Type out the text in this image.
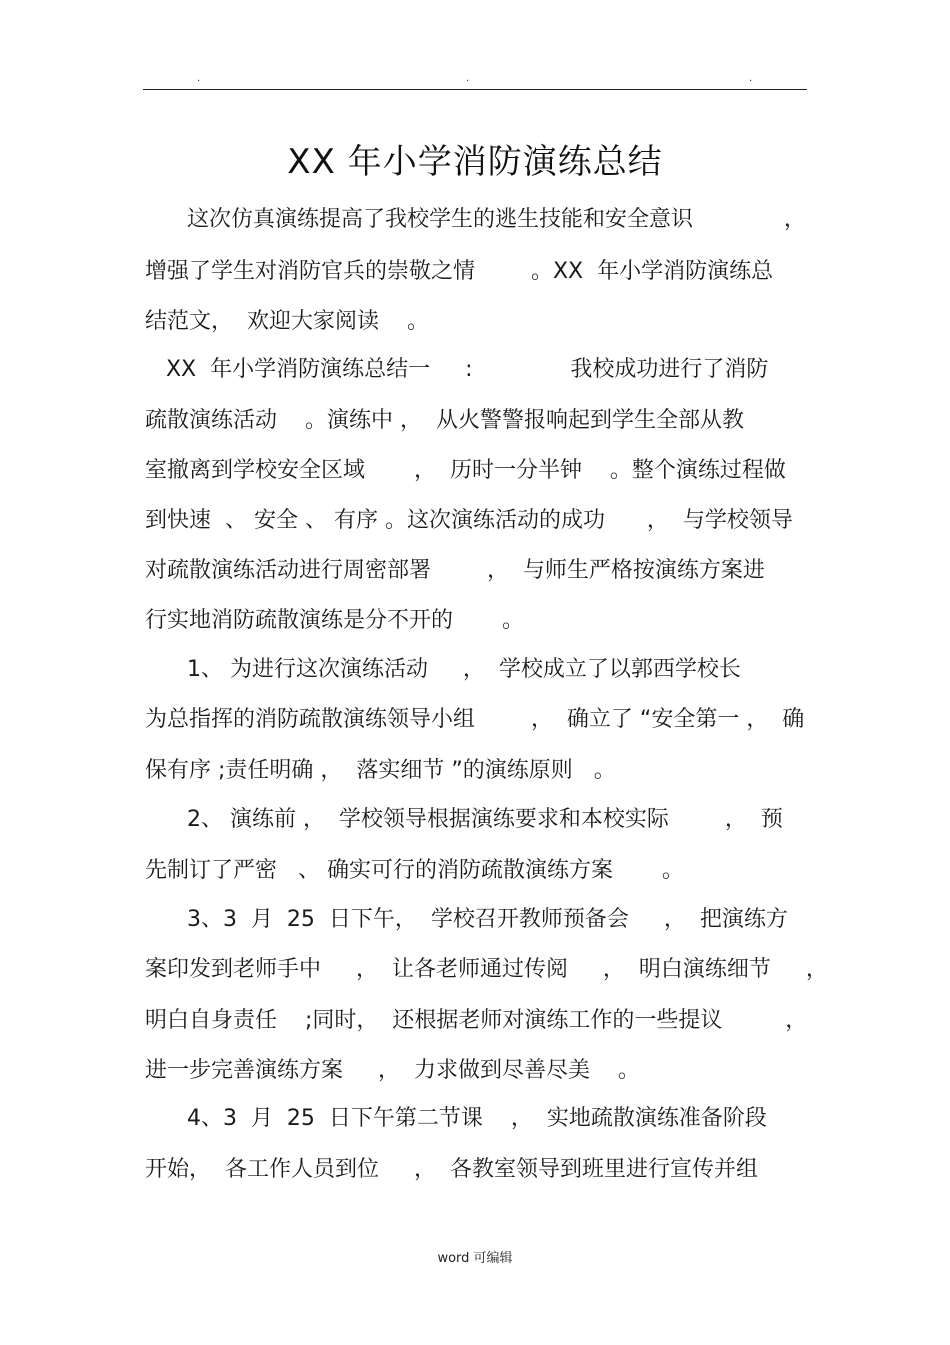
.	.	.
XX 年小学消防演练总结
这次仿真演练提高了我校学生的逃生技能和安全意识             ，
增强了学生对消防官兵的崇敬之情        。XX  年小学消防演练总
结范文，  欢迎大家阅读    。
XX  年小学消防演练总结一     :              我校成功进行了消防
疏散演练活动    。演练中 ，  从火警警报响起到学生全部从教
室撤离到学校安全区域       ，  历时一分半钟    。整个演练过程做
到快速  、 安全 、 有序 。这次演练活动的成功      ，  与学校领导
对疏散演练活动进行周密部署        ，  与师生严格按演练方案进
行实地消防疏散演练是分不开的       。
1、 为进行这次演练活动     ，  学校成立了以郭西学校长
为总指挥的消防疏散演练领导小组        ，  确立了 “安全第一 ，  确
保有序 ;责任明确 ，  落实细节 ”的演练原则   。
2、 演练前 ，  学校领导根据演练要求和本校实际        ，  预
先制订了严密   、 确实可行的消防疏散演练方案       。
3、3  月  25  日下午，  学校召开教师预备会     ，  把演练方
案印发到老师手中     ，  让各老师通过传阅     ，  明白演练细节     ，
明白自身责任    ;同时，  还根据老师对演练工作的一些提议         ，
进一步完善演练方案     ，  力求做到尽善尽美    。
4、3  月  25  日下午第二节课    ，  实地疏散演练准备阶段
开始，  各工作人员到位     ，  各教室领导到班里进行宣传并组
word 可编辑
